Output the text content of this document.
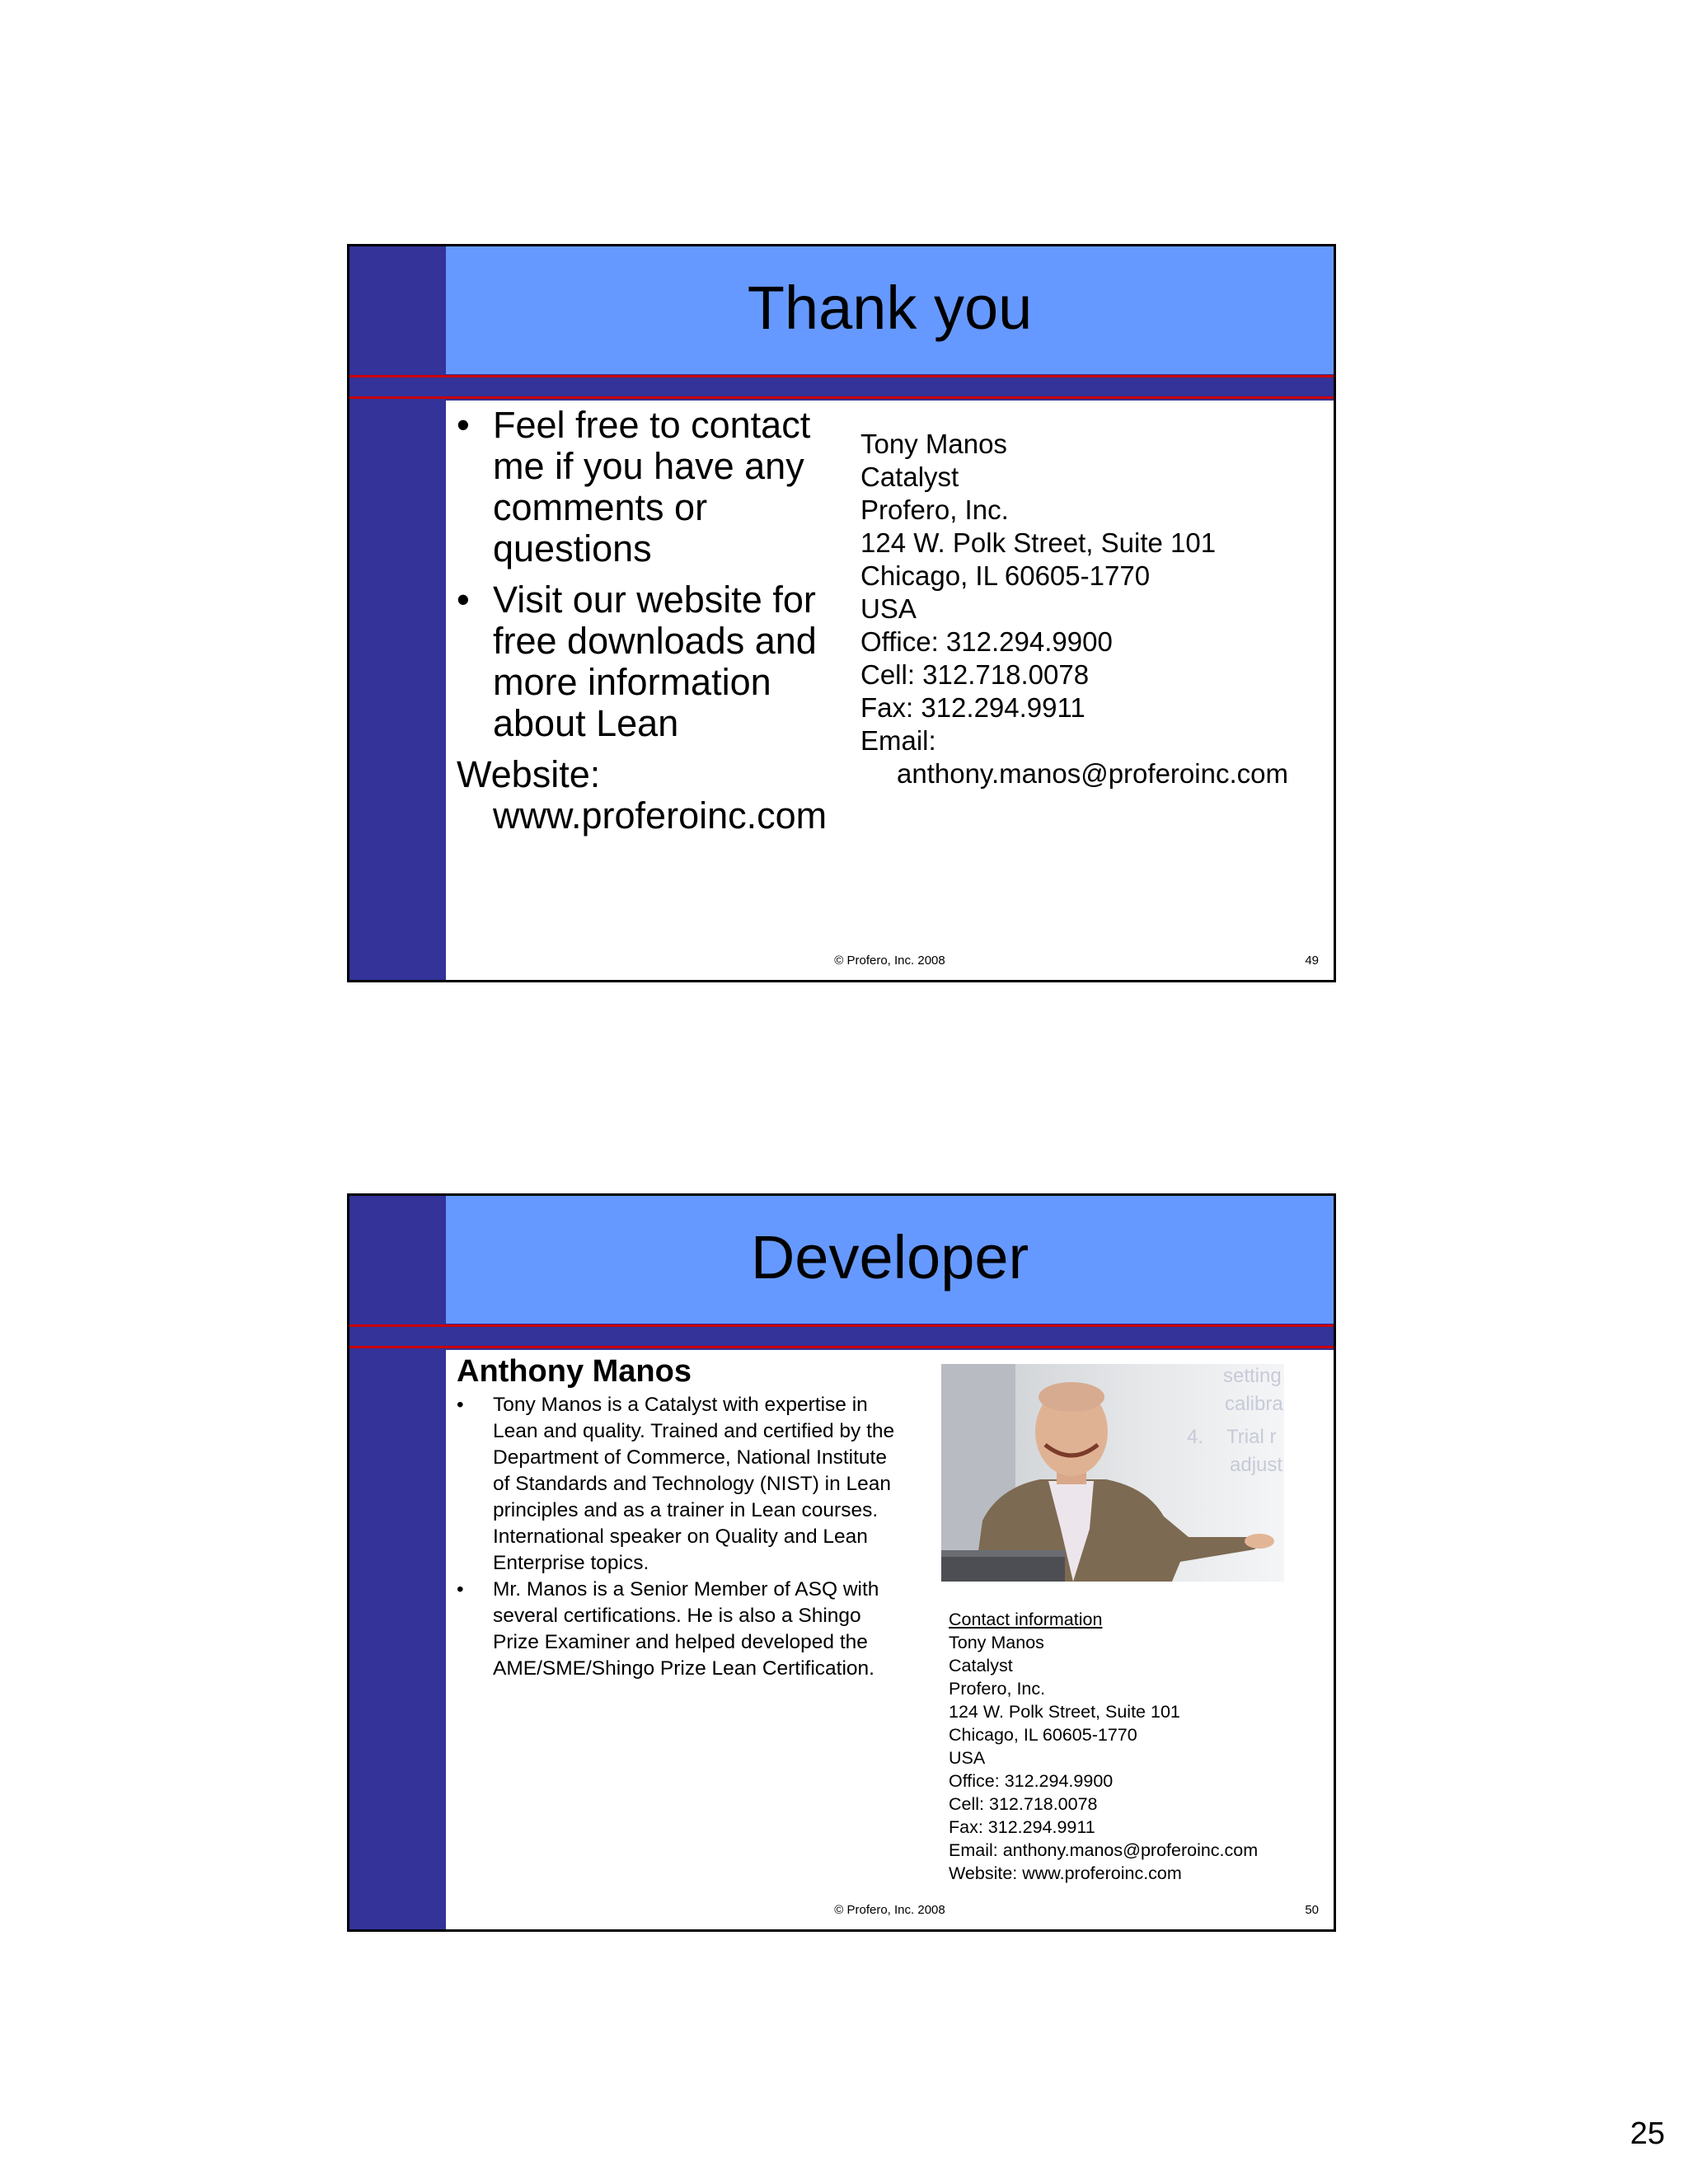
Thank you
• Feel free to contact me if you have any comments or questions
• Visit our website for free downloads and more information about Lean
Website:
www.proferoinc.com
Tony Manos
Catalyst
Profero, Inc.
124 W. Polk Street, Suite 101
Chicago, IL 60605-1770
USA
Office: 312.294.9900
Cell: 312.718.0078
Fax: 312.294.9911
Email:
anthony.manos@proferoinc.com
© Profero, Inc. 2008	49
Developer
Anthony Manos
•	Tony Manos is a Catalyst with expertise in Lean and quality. Trained and certified by the Department of Commerce, National Institute of Standards and Technology (NIST) in Lean principles and as a trainer in Lean courses. International speaker on Quality and Lean Enterprise topics.
•	Mr. Manos is a Senior Member of ASQ with several certifications. He is also a Shingo Prize Examiner and helped developed the AME/SME/Shingo Prize Lean Certification.
setting
calibra
4. Trial r
adjust
Contact information
Tony Manos
Catalyst
Profero, Inc.
124 W. Polk Street, Suite 101
Chicago, IL 60605-1770
USA
Office: 312.294.9900
Cell: 312.718.0078
Fax: 312.294.9911
Email: anthony.manos@proferoinc.com
Website: www.proferoinc.com
© Profero, Inc. 2008	50
25
